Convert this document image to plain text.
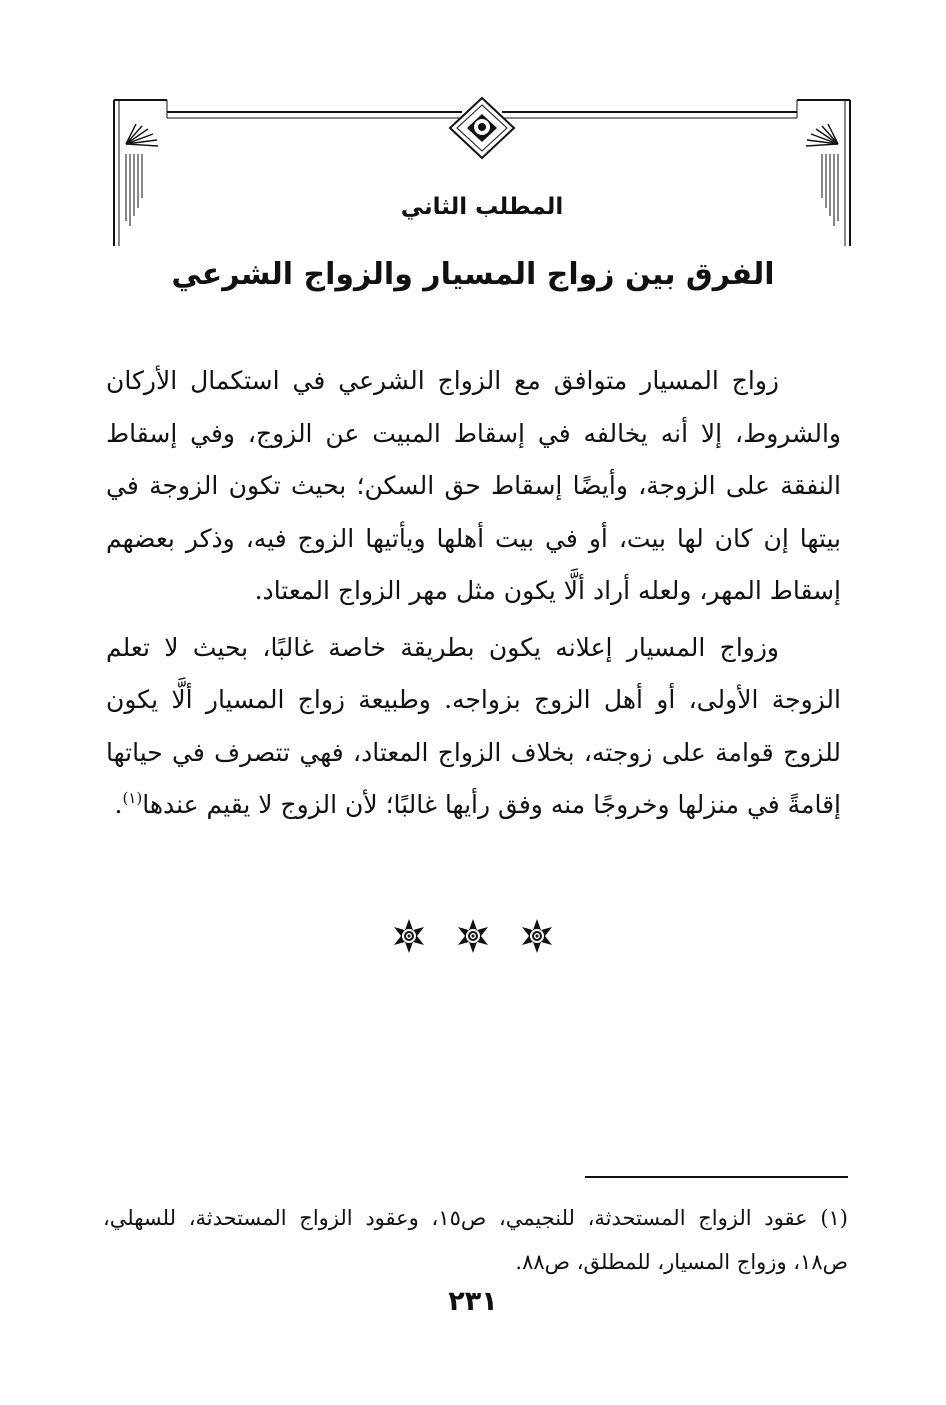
المطلب الثاني
الفرق بين زواج المسيار والزواج الشرعي

زواج المسيار متوافق مع الزواج الشرعي في استكمال الأركان والشروط، إلا أنه يخالفه في إسقاط المبيت عن الزوج، وفي إسقاط النفقة على الزوجة، وأيضًا إسقاط حق السكن؛ بحيث تكون الزوجة في بيتها إن كان لها بيت، أو في بيت أهلها ويأتيها الزوج فيه، وذكر بعضهم إسقاط المهر، ولعله أراد ألَّا يكون مثل مهر الزواج المعتاد.

وزواج المسيار إعلانه يكون بطريقة خاصة غالبًا، بحيث لا تعلم الزوجة الأولى، أو أهل الزوج بزواجه. وطبيعة زواج المسيار ألَّا يكون للزوج قوامة على زوجته، بخلاف الزواج المعتاد، فهي تتصرف في حياتها إقامةً في منزلها وخروجًا منه وفق رأيها غالبًا؛ لأن الزوج لا يقيم عندها$^{(١)}$.

(١) عقود الزواج المستحدثة، للنجيمي، ص١٥، وعقود الزواج المستحدثة، للسهلي، ص١٨، وزواج المسيار، للمطلق، ص٨٨.

٢٣١
